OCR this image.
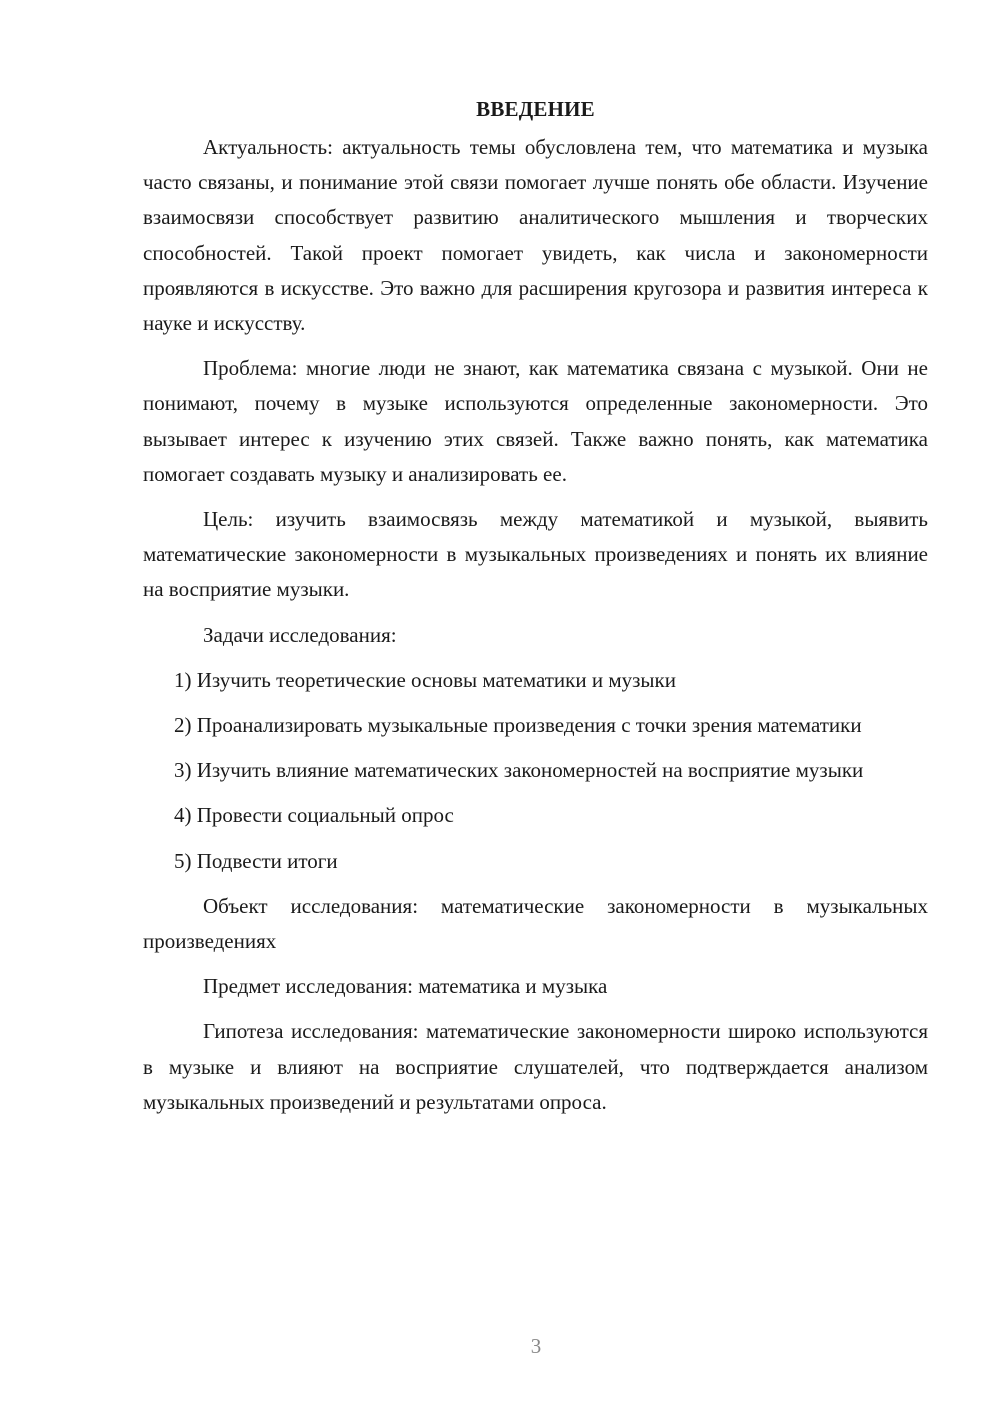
ВВЕДЕНИЕ

Актуальность: актуальность темы обусловлена тем, что математика и музыка часто связаны, и понимание этой связи помогает лучше понять обе области. Изучение взаимосвязи способствует развитию аналитического мышления и творческих способностей. Такой проект помогает увидеть, как числа и закономерности проявляются в искусстве. Это важно для расширения кругозора и развития интереса к науке и искусству.

Проблема: многие люди не знают, как математика связана с музыкой. Они не понимают, почему в музыке используются определенные закономерности. Это вызывает интерес к изучению этих связей. Также важно понять, как математика помогает создавать музыку и анализировать ее.

Цель: изучить взаимосвязь между математикой и музыкой, выявить математические закономерности в музыкальных произведениях и понять их влияние на восприятие музыки.

Задачи исследования:

1) Изучить теоретические основы математики и музыки

2) Проанализировать музыкальные произведения с точки зрения математики

3) Изучить влияние математических закономерностей на восприятие музыки

4) Провести социальный опрос

5) Подвести итоги

Объект исследования: математические закономерности в музыкальных произведениях

Предмет исследования: математика и музыка

Гипотеза исследования: математические закономерности широко используются в музыке и влияют на восприятие слушателей, что подтверждается анализом музыкальных произведений и результатами опроса.

3
